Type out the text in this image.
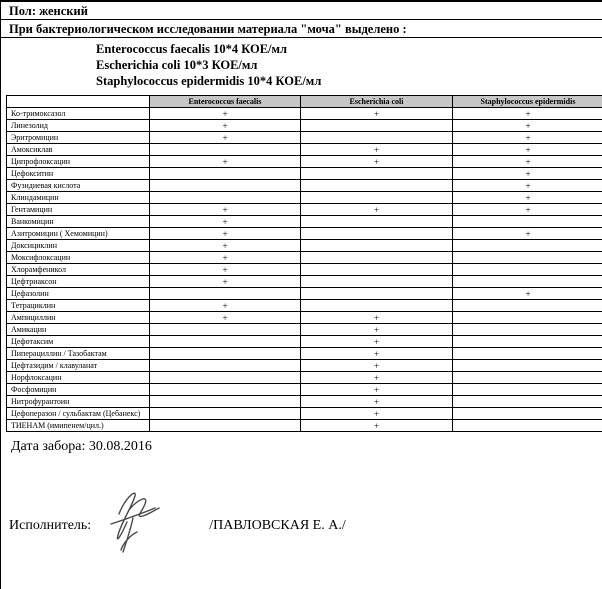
Пол: женский
При бактериологическом исследовании материала "моча" выделено :
Enterococcus faecalis 10*4 КОЕ/мл
Escherichia coli 10*3 КОЕ/мл
Staphylococcus epidermidis 10*4 КОЕ/мл
	Enterococcus faecalis	Escherichia coli	Staphylococcus epidermidis
Ко-тримоксазол	+	+	+
Линезолид	+		+
Эритромицин	+		+
Амоксиклав		+	+
Ципрофлоксацин	+	+	+
Цефокситин			+
Фузидиевая кислота			+
Клиндамицин			+
Гентамицин	+	+	+
Ванкомицин	+		
Азитромицин ( Хемомицин)	+		+
Доксициклин	+		
Моксифлоксацин	+		
Хлорамфеникол	+		
Цефтриаксон	+		
Цефазолин			+
Тетрациклин	+		
Ампициллин	+	+	
Амикацин		+	
Цефотаксим		+	
Пиперациллин / Тазобактам		+	
Цефтазидим / клавуланат		+	
Норфлоксацин		+	
Фосфомицин		+	
Нитрофурантоин		+	
Цефоперазон / сульбактам (Цебанекс)		+	
ТИЕНАМ (имипенем/цил.)		+	
Дата забора: 30.08.2016
Исполнитель:	/ПАВЛОВСКАЯ Е. А./
